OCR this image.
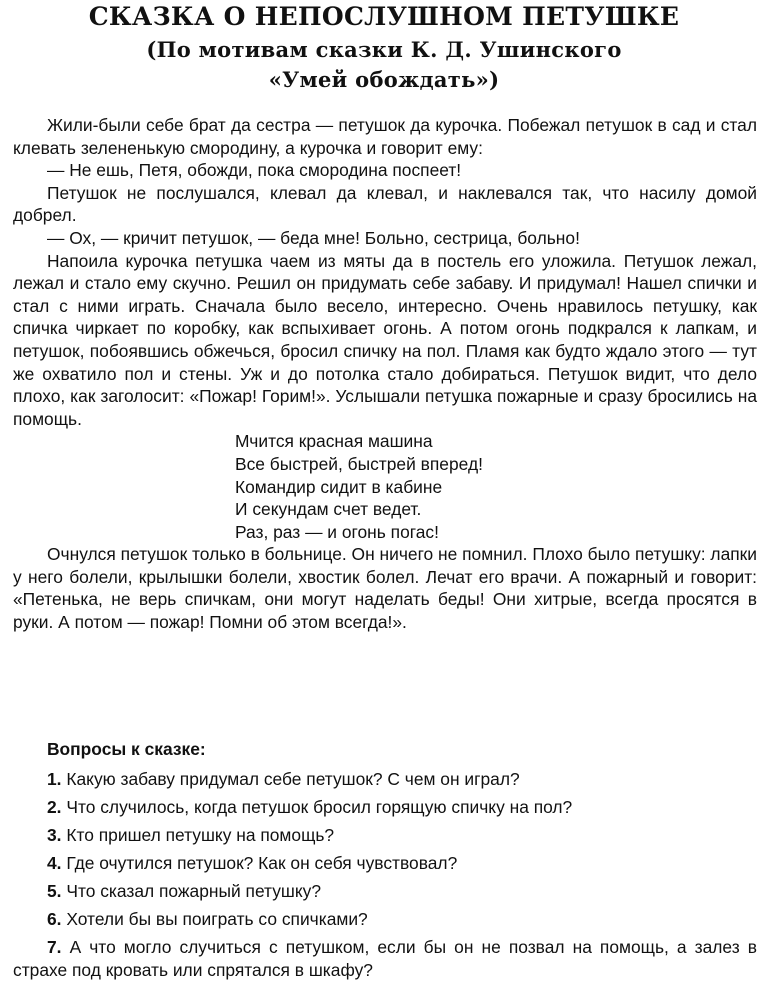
СКАЗКА О НЕПОСЛУШНОМ ПЕТУШКЕ
(По мотивам сказки К. Д. Ушинского
«Умей обождать»)

Жили-были себе брат да сестра — петушок да курочка. Побежал петушок в сад и стал клевать зелененькую смородину, а курочка и говорит ему:

— Не ешь, Петя, обожди, пока смородина поспеет!

Петушок не послушался, клевал да клевал, и наклевался так, что насилу домой добрел.

— Ох, — кричит петушок, — беда мне! Больно, сестрица, больно!

Напоила курочка петушка чаем из мяты да в постель его уложила. Петушок лежал, лежал и стало ему скучно. Решил он придумать себе забаву. И придумал! Нашел спички и стал с ними играть. Сначала было весело, интересно. Очень нравилось петушку, как спичка чиркает по коробку, как вспыхивает огонь. А потом огонь подкрался к лапкам, и петушок, побоявшись обжечься, бросил спичку на пол. Пламя как будто ждало этого — тут же охватило пол и стены. Уж и до потолка стало добираться. Петушок видит, что дело плохо, как заголосит: «Пожар! Горим!». Услышали петушка пожарные и сразу бросились на помощь.

Мчится красная машина

Все быстрей, быстрей вперед!

Командир сидит в кабине

И секундам счет ведет.

Раз, раз — и огонь погас!

Очнулся петушок только в больнице. Он ничего не помнил. Плохо было петушку: лапки у него болели, крылышки болели, хвостик болел. Лечат его врачи. А пожарный и говорит: «Петенька, не верь спичкам, они могут наделать беды! Они хитрые, всегда просятся в руки. А потом — пожар! Помни об этом всегда!».

Вопросы к сказке:

1. Какую забаву придумал себе петушок? С чем он играл?

2. Что случилось, когда петушок бросил горящую спичку на пол?

3. Кто пришел петушку на помощь?

4. Где очутился петушок? Как он себя чувствовал?

5. Что сказал пожарный петушку?

6. Хотели бы вы поиграть со спичками?

7. А что могло случиться с петушком, если бы он не позвал на помощь, а залез в страхе под кровать или спрятался в шкафу?
